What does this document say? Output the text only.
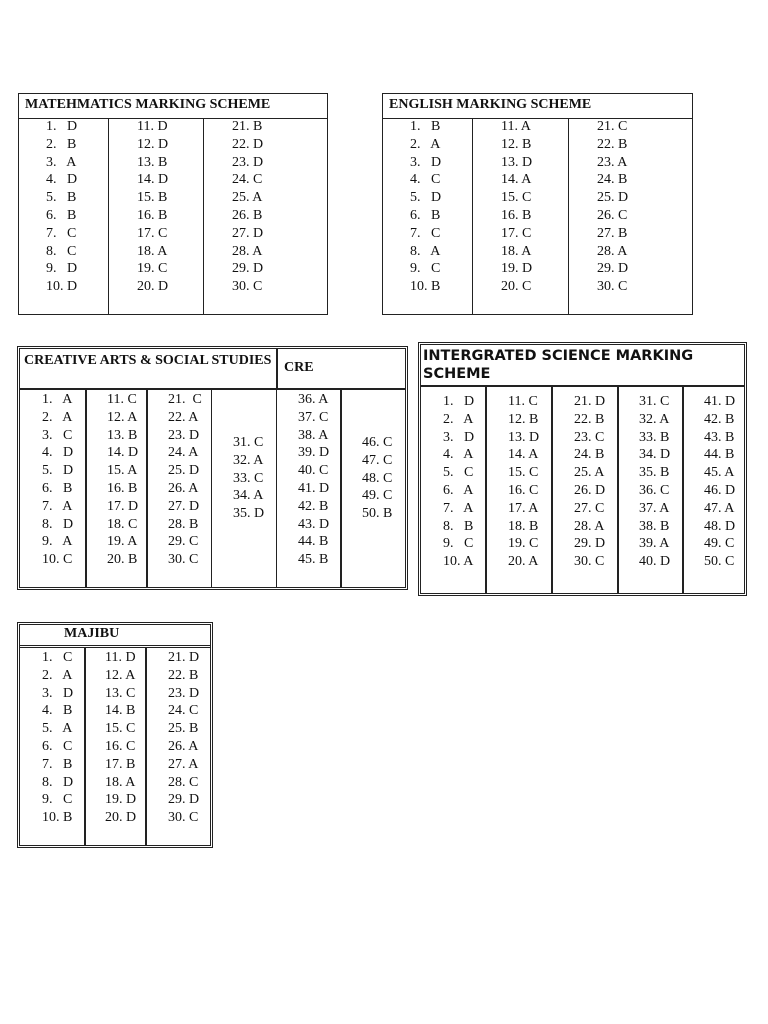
MATEHMATICS MARKING SCHEME
1.   D
2.   B
3.   A
4.   D
5.   B
6.   B
7.   C
8.   C
9.   D
10. D
11. D
12. D
13. B
14. D
15. B
16. B
17. C
18. A
19. C
20. D
21. B
22. D
23. D
24. C
25. A
26. B
27. D
28. A
29. D
30. C
ENGLISH MARKING SCHEME
1.   B
2.   A
3.   D
4.   C
5.   D
6.   B
7.   C
8.   A
9.   C
10. B
11. A
12. B
13. D
14. A
15. C
16. B
17. C
18. A
19. D
20. C
21. C
22. B
23. A
24. B
25. D
26. C
27. B
28. A
29. D
30. C
CREATIVE ARTS & SOCIAL STUDIES CRE
1.   A
2.   A
3.   C
4.   D
5.   D
6.   B
7.   A
8.   D
9.   A
10. C
11. C
12. A
13. B
14. D
15. A
16. B
17. D
18. C
19. A
20. B
21.  C
22. A
23. D
24. A
25. D
26. A
27. D
28. B
29. C
30. C
31. C
32. A
33. C
34. A
35. D
36. A
37. C
38. A
39. D
40. C
41. D
42. B
43. D
44. B
45. B
46. C
47. C
48. C
49. C
50. B
INTERGRATED SCIENCE MARKING SCHEME
1.   D
2.   A
3.   D
4.   A
5.   C
6.   A
7.   A
8.   B
9.   C
10. A
11. C
12. B
13. D
14. A
15. C
16. C
17. A
18. B
19. C
20. A
21. D
22. B
23. C
24. B
25. A
26. D
27. C
28. A
29. D
30. C
31. C
32. A
33. B
34. D
35. B
36. C
37. A
38. B
39. A
40. D
41. D
42. B
43. B
44. B
45. A
46. D
47. A
48. D
49. C
50. C
MAJIBU
1.   C
2.   A
3.   D
4.   B
5.   A
6.   C
7.   B
8.   D
9.   C
10. B
11. D
12. A
13. C
14. B
15. C
16. C
17. B
18. A
19. D
20. D
21. D
22. B
23. D
24. C
25. B
26. A
27. A
28. C
29. D
30. C
